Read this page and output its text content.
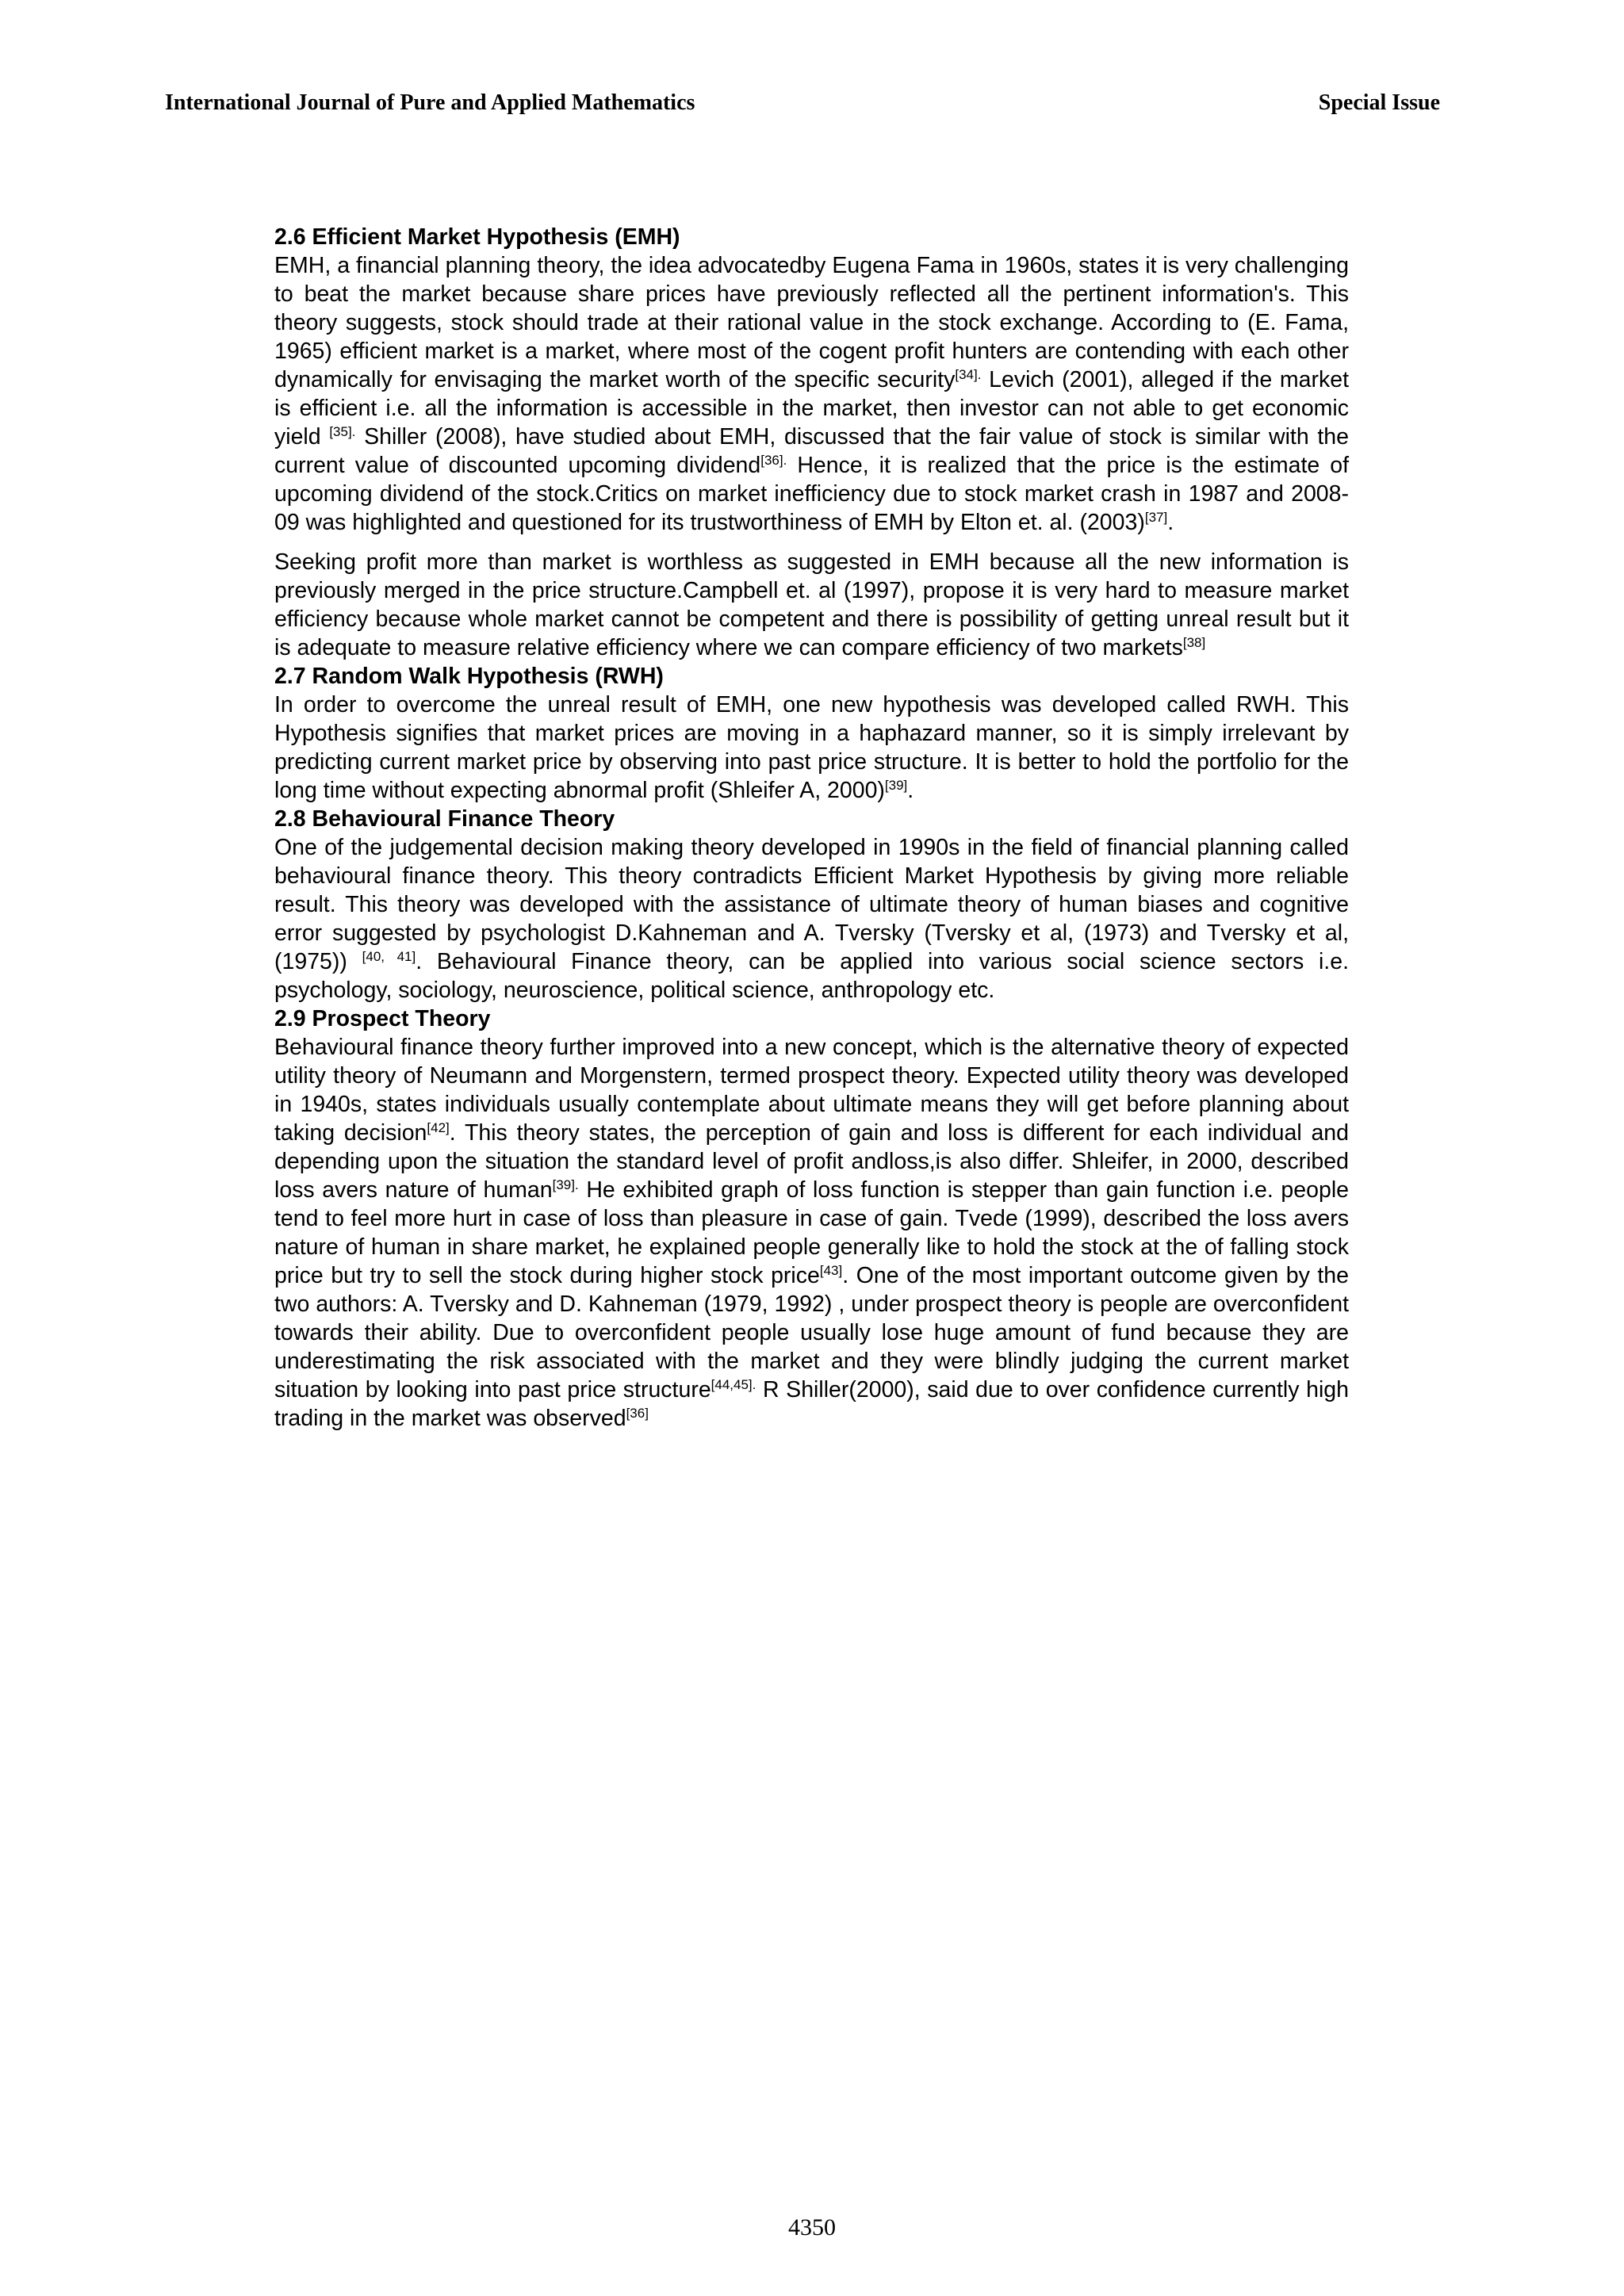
International Journal of Pure and Applied Mathematics	Special Issue
2.6 Efficient Market Hypothesis (EMH)

EMH, a financial planning theory, the idea advocatedby Eugena Fama in 1960s, states it is very challenging to beat the market because share prices have previously reflected all the pertinent information's. This theory suggests, stock should trade at their rational value in the stock exchange. According to (E. Fama, 1965) efficient market is a market, where most of the cogent profit hunters are contending with each other dynamically for envisaging the market worth of the specific security$^{[34].}$ Levich (2001), alleged if the market is efficient i.e. all the information is accessible in the market, then investor can not able to get economic yield $^{[35].}$ Shiller (2008), have studied about EMH, discussed that the fair value of stock is similar with the current value of discounted upcoming dividend$^{[36].}$ Hence, it is realized that the price is the estimate of upcoming dividend of the stock.Critics on market inefficiency due to stock market crash in 1987 and 2008-09 was highlighted and questioned for its trustworthiness of EMH by Elton et. al. (2003)[37].

Seeking profit more than market is worthless as suggested in EMH because all the new information is previously merged in the price structure.Campbell et. al (1997), propose it is very hard to measure market efficiency because whole market cannot be competent and there is possibility of getting unreal result but it is adequate to measure relative efficiency where we can compare efficiency of two markets[38]

2.7 Random Walk Hypothesis (RWH)

In order to overcome the unreal result of EMH, one new hypothesis was developed called RWH. This Hypothesis signifies that market prices are moving in a haphazard manner, so it is simply irrelevant by predicting current market price by observing into past price structure. It is better to hold the portfolio for the long time without expecting abnormal profit (Shleifer A, 2000)[39].

2.8 Behavioural Finance Theory

One of the judgemental decision making theory developed in 1990s in the field of financial planning called behavioural finance theory. This theory contradicts Efficient Market Hypothesis by giving more reliable result. This theory was developed with the assistance of ultimate theory of human biases and cognitive error suggested by psychologist D.Kahneman and A. Tversky (Tversky et al, (1973) and Tversky et al, (1975)) [40, 41]. Behavioural Finance theory, can be applied into various social science sectors i.e. psychology, sociology, neuroscience, political science, anthropology etc.

2.9 Prospect Theory

Behavioural finance theory further improved into a new concept, which is the alternative theory of expected utility theory of Neumann and Morgenstern, termed prospect theory. Expected utility theory was developed in 1940s, states individuals usually contemplate about ultimate means they will get before planning about taking decision[42]. This theory states, the perception of gain and loss is different for each individual and depending upon the situation the standard level of profit andloss,is also differ. Shleifer, in 2000, described loss avers nature of human$^{[39].}$ He exhibited graph of loss function is stepper than gain function i.e. people tend to feel more hurt in case of loss than pleasure in case of gain. Tvede (1999), described the loss avers nature of human in share market, he explained people generally like to hold the stock at the of falling stock price but try to sell the stock during higher stock price[43]. One of the most important outcome given by the two authors: A. Tversky and D. Kahneman (1979, 1992) , under prospect theory is people are overconfident towards their ability. Due to overconfident people usually lose huge amount of fund because they are underestimating the risk associated with the market and they were blindly judging the current market situation by looking into past price structure$^{[44,45].}$ R Shiller(2000), said due to over confidence currently high trading in the market was observed[36]

4350
